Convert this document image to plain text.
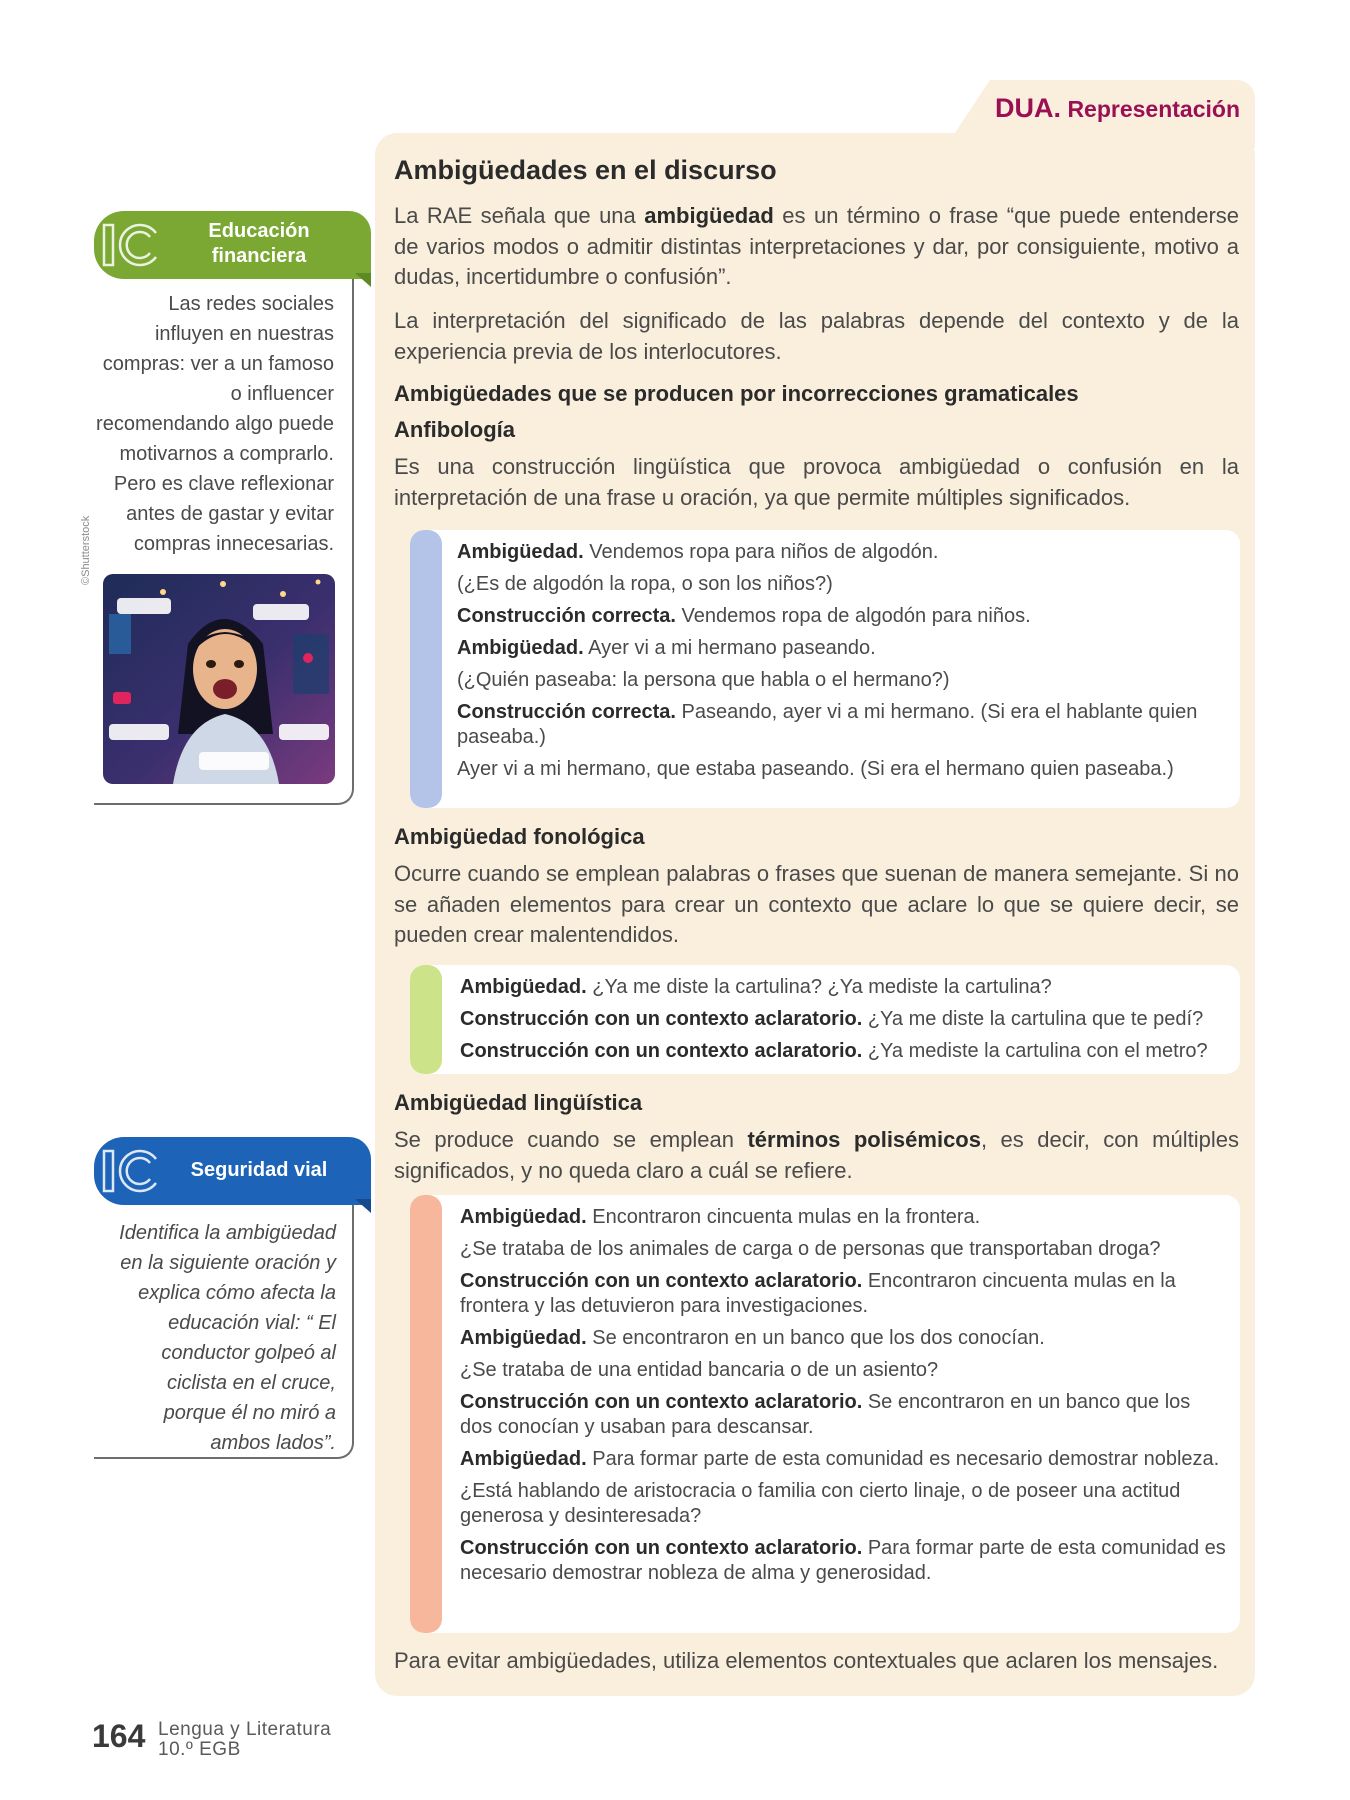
DUA. Representación
Ambigüedades en el discurso
La RAE señala que una ambigüedad es un término o frase “que puede entenderse de varios modos o admitir distintas interpretaciones y dar, por consiguiente, motivo a dudas, incertidumbre o confusión”.
La interpretación del significado de las palabras depende del contexto y de la experiencia previa de los interlocutores.
Ambigüedades que se producen por incorrecciones gramaticales
Anfibología
Es una construcción lingüística que provoca ambigüedad o confusión en la interpretación de una frase u oración, ya que permite múltiples significados.
Ambigüedad. Vendemos ropa para niños de algodón.
(¿Es de algodón la ropa, o son los niños?)
Construcción correcta. Vendemos ropa de algodón para niños.
Ambigüedad. Ayer vi a mi hermano paseando.
(¿Quién paseaba: la persona que habla o el hermano?)
Construcción correcta. Paseando, ayer vi a mi hermano. (Si era el hablante quien paseaba.)
Ayer vi a mi hermano, que estaba paseando. (Si era el hermano quien paseaba.)
Ambigüedad fonológica
Ocurre cuando se emplean palabras o frases que suenan de manera semejante. Si no se añaden elementos para crear un contexto que aclare lo que se quiere decir, se pueden crear malentendidos.
Ambigüedad. ¿Ya me diste la cartulina? ¿Ya mediste la cartulina?
Construcción con un contexto aclaratorio. ¿Ya me diste la cartulina que te pedí?
Construcción con un contexto aclaratorio. ¿Ya mediste la cartulina con el metro?
Ambigüedad lingüística
Se produce cuando se emplean términos polisémicos, es decir, con múltiples significados, y no queda claro a cuál se refiere.
Ambigüedad. Encontraron cincuenta mulas en la frontera.
¿Se trataba de los animales de carga o de personas que transportaban droga?
Construcción con un contexto aclaratorio. Encontraron cincuenta mulas en la frontera y las detuvieron para investigaciones.
Ambigüedad. Se encontraron en un banco que los dos conocían.
¿Se trataba de una entidad bancaria o de un asiento?
Construcción con un contexto aclaratorio. Se encontraron en un banco que los dos conocían y usaban para descansar.
Ambigüedad. Para formar parte de esta comunidad es necesario demostrar nobleza.
¿Está hablando de aristocracia o familia con cierto linaje, o de poseer una actitud generosa y desinteresada?
Construcción con un contexto aclaratorio. Para formar parte de esta comunidad es necesario demostrar nobleza de alma y generosidad.
Para evitar ambigüedades, utiliza elementos contextuales que aclaren los mensajes.
Educación
financiera
Las redes sociales influyen en nuestras compras: ver a un famoso o influencer recomendando algo puede motivarnos a comprarlo. Pero es clave reflexionar antes de gastar y evitar compras innecesarias.
©Shutterstock
Seguridad vial
Identifica la ambigüedad en la siguiente oración y explica cómo afecta la educación vial: “ El conductor golpeó al ciclista en el cruce, porque él no miró a ambos lados”.
164 Lengua y Literatura
10.º EGB
